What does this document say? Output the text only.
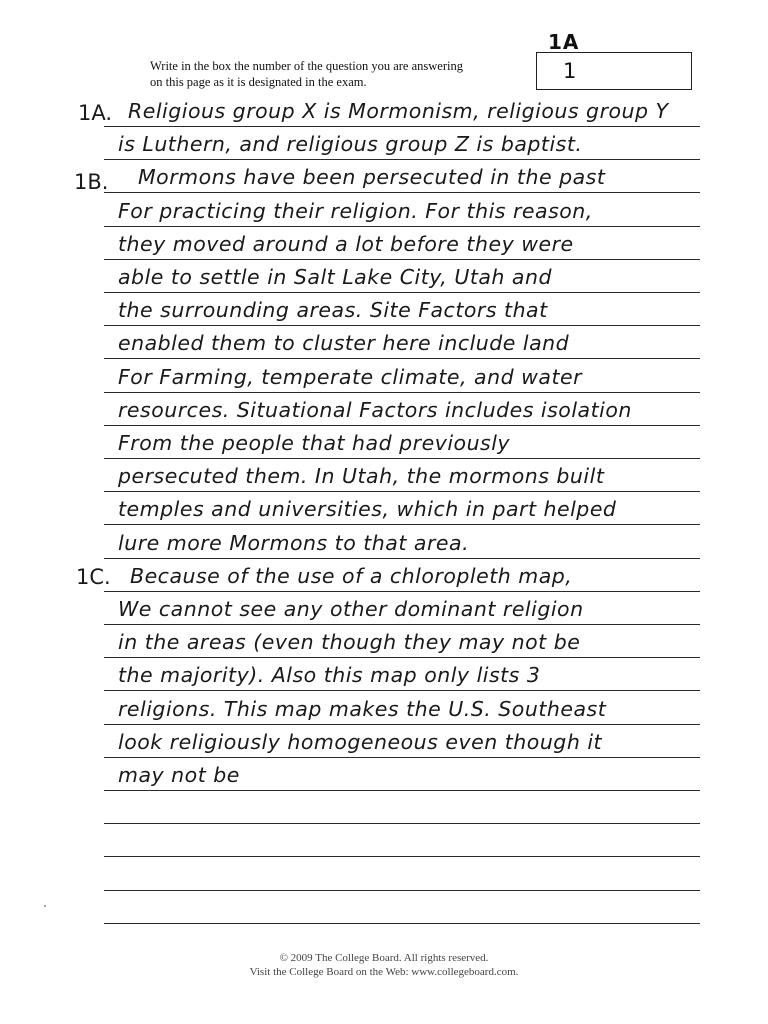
Write in the box the number of the question you are answering
on this page as it is designated in the exam.
1A
1
1A.
1B.
1C.
Religious group X is Mormonism, religious group Y
is Luthern, and religious group Z is baptist.
Mormons have been persecuted in the past
For practicing their religion. For this reason,
they moved around a lot before they were
able to settle in Salt Lake City, Utah and
the surrounding areas. Site Factors that
enabled them to cluster here include land
For Farming, temperate climate, and water
resources. Situational Factors includes isolation
From the people that had previously
persecuted them. In Utah, the mormons built
temples and universities, which in part helped
lure more Mormons to that area.
Because of the use of a chloropleth map,
We cannot see any other dominant religion
in the areas (even though they may not be
the majority). Also this map only lists 3
religions. This map makes the U.S. Southeast
look religiously homogeneous even though it
may not be
© 2009 The College Board. All rights reserved.
Visit the College Board on the Web: www.collegeboard.com.
